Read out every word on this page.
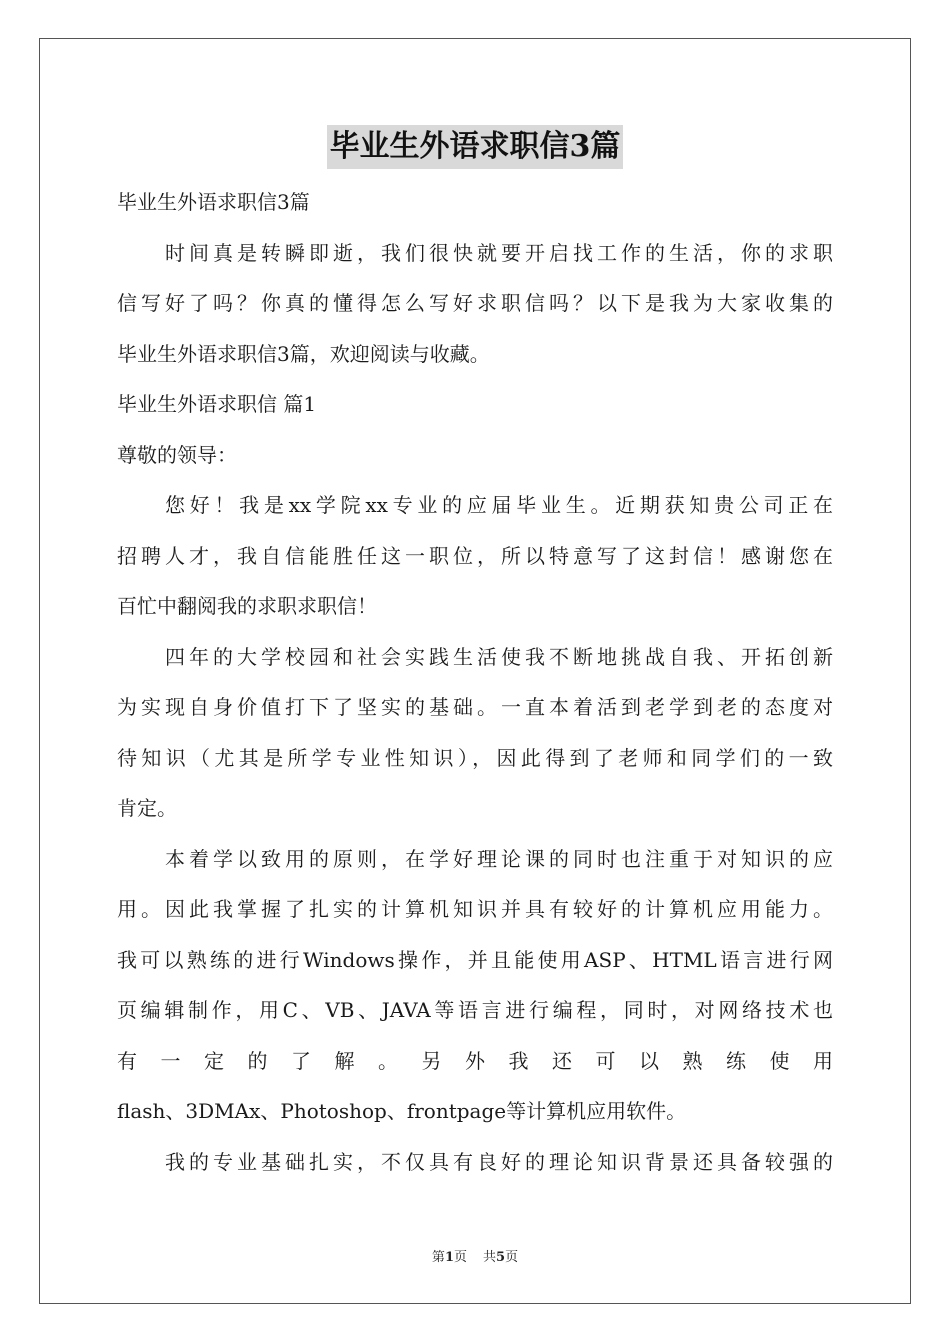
毕业生外语求职信3篇
毕业生外语求职信3篇
时间真是转瞬即逝，我们很快就要开启找工作的生活，你的求职
信写好了吗？你真的懂得怎么写好求职信吗？以下是我为大家收集的
毕业生外语求职信3篇，欢迎阅读与收藏。
毕业生外语求职信 篇1
尊敬的领导：
您好！我是xx学院xx专业的应届毕业生。近期获知贵公司正在
招聘人才，我自信能胜任这一职位，所以特意写了这封信！感谢您在
百忙中翻阅我的求职求职信！
四年的大学校园和社会实践生活使我不断地挑战自我、开拓创新
为实现自身价值打下了坚实的基础。一直本着活到老学到老的态度对
待知识（尤其是所学专业性知识），因此得到了老师和同学们的一致
肯定。
本着学以致用的原则，在学好理论课的同时也注重于对知识的应
用。因此我掌握了扎实的计算机知识并具有较好的计算机应用能力。
我可以熟练的进行Windows操作，并且能使用ASP、HTML语言进行网
页编辑制作，用C、VB、JAVA等语言进行编程，同时，对网络技术也
有 一 定 的 了 解 。 另 外 我 还 可 以 熟 练 使 用
flash、3DMAx、Photoshop、frontpage等计算机应用软件。
我的专业基础扎实，不仅具有良好的理论知识背景还具备较强的
第1页 共5页
